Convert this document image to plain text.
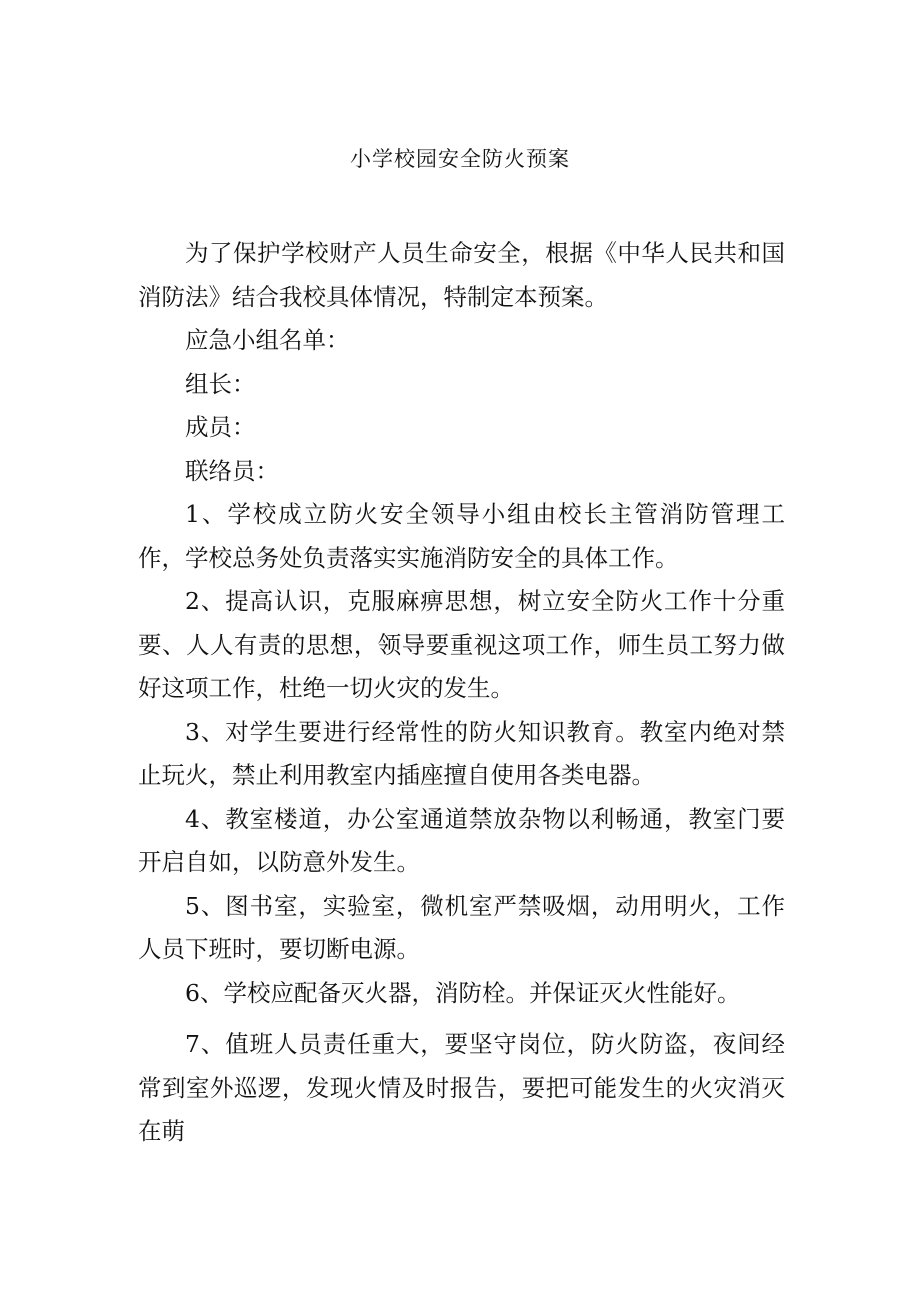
小学校园安全防火预案

为了保护学校财产人员生命安全，根据《中华人民共和国消防法》结合我校具体情况，特制定本预案。

应急小组名单：

组长：

成员：

联络员：

1、学校成立防火安全领导小组由校长主管消防管理工作，学校总务处负责落实实施消防安全的具体工作。

2、提高认识，克服麻痹思想，树立安全防火工作十分重要、人人有责的思想，领导要重视这项工作，师生员工努力做好这项工作，杜绝一切火灾的发生。

3、对学生要进行经常性的防火知识教育。教室内绝对禁止玩火，禁止利用教室内插座擅自使用各类电器。

4、教室楼道，办公室通道禁放杂物以利畅通，教室门要开启自如，以防意外发生。

5、图书室，实验室，微机室严禁吸烟，动用明火，工作人员下班时，要切断电源。

6、学校应配备灭火器，消防栓。并保证灭火性能好。

7、值班人员责任重大，要坚守岗位，防火防盗，夜间经常到室外巡逻，发现火情及时报告，要把可能发生的火灾消灭在萌
